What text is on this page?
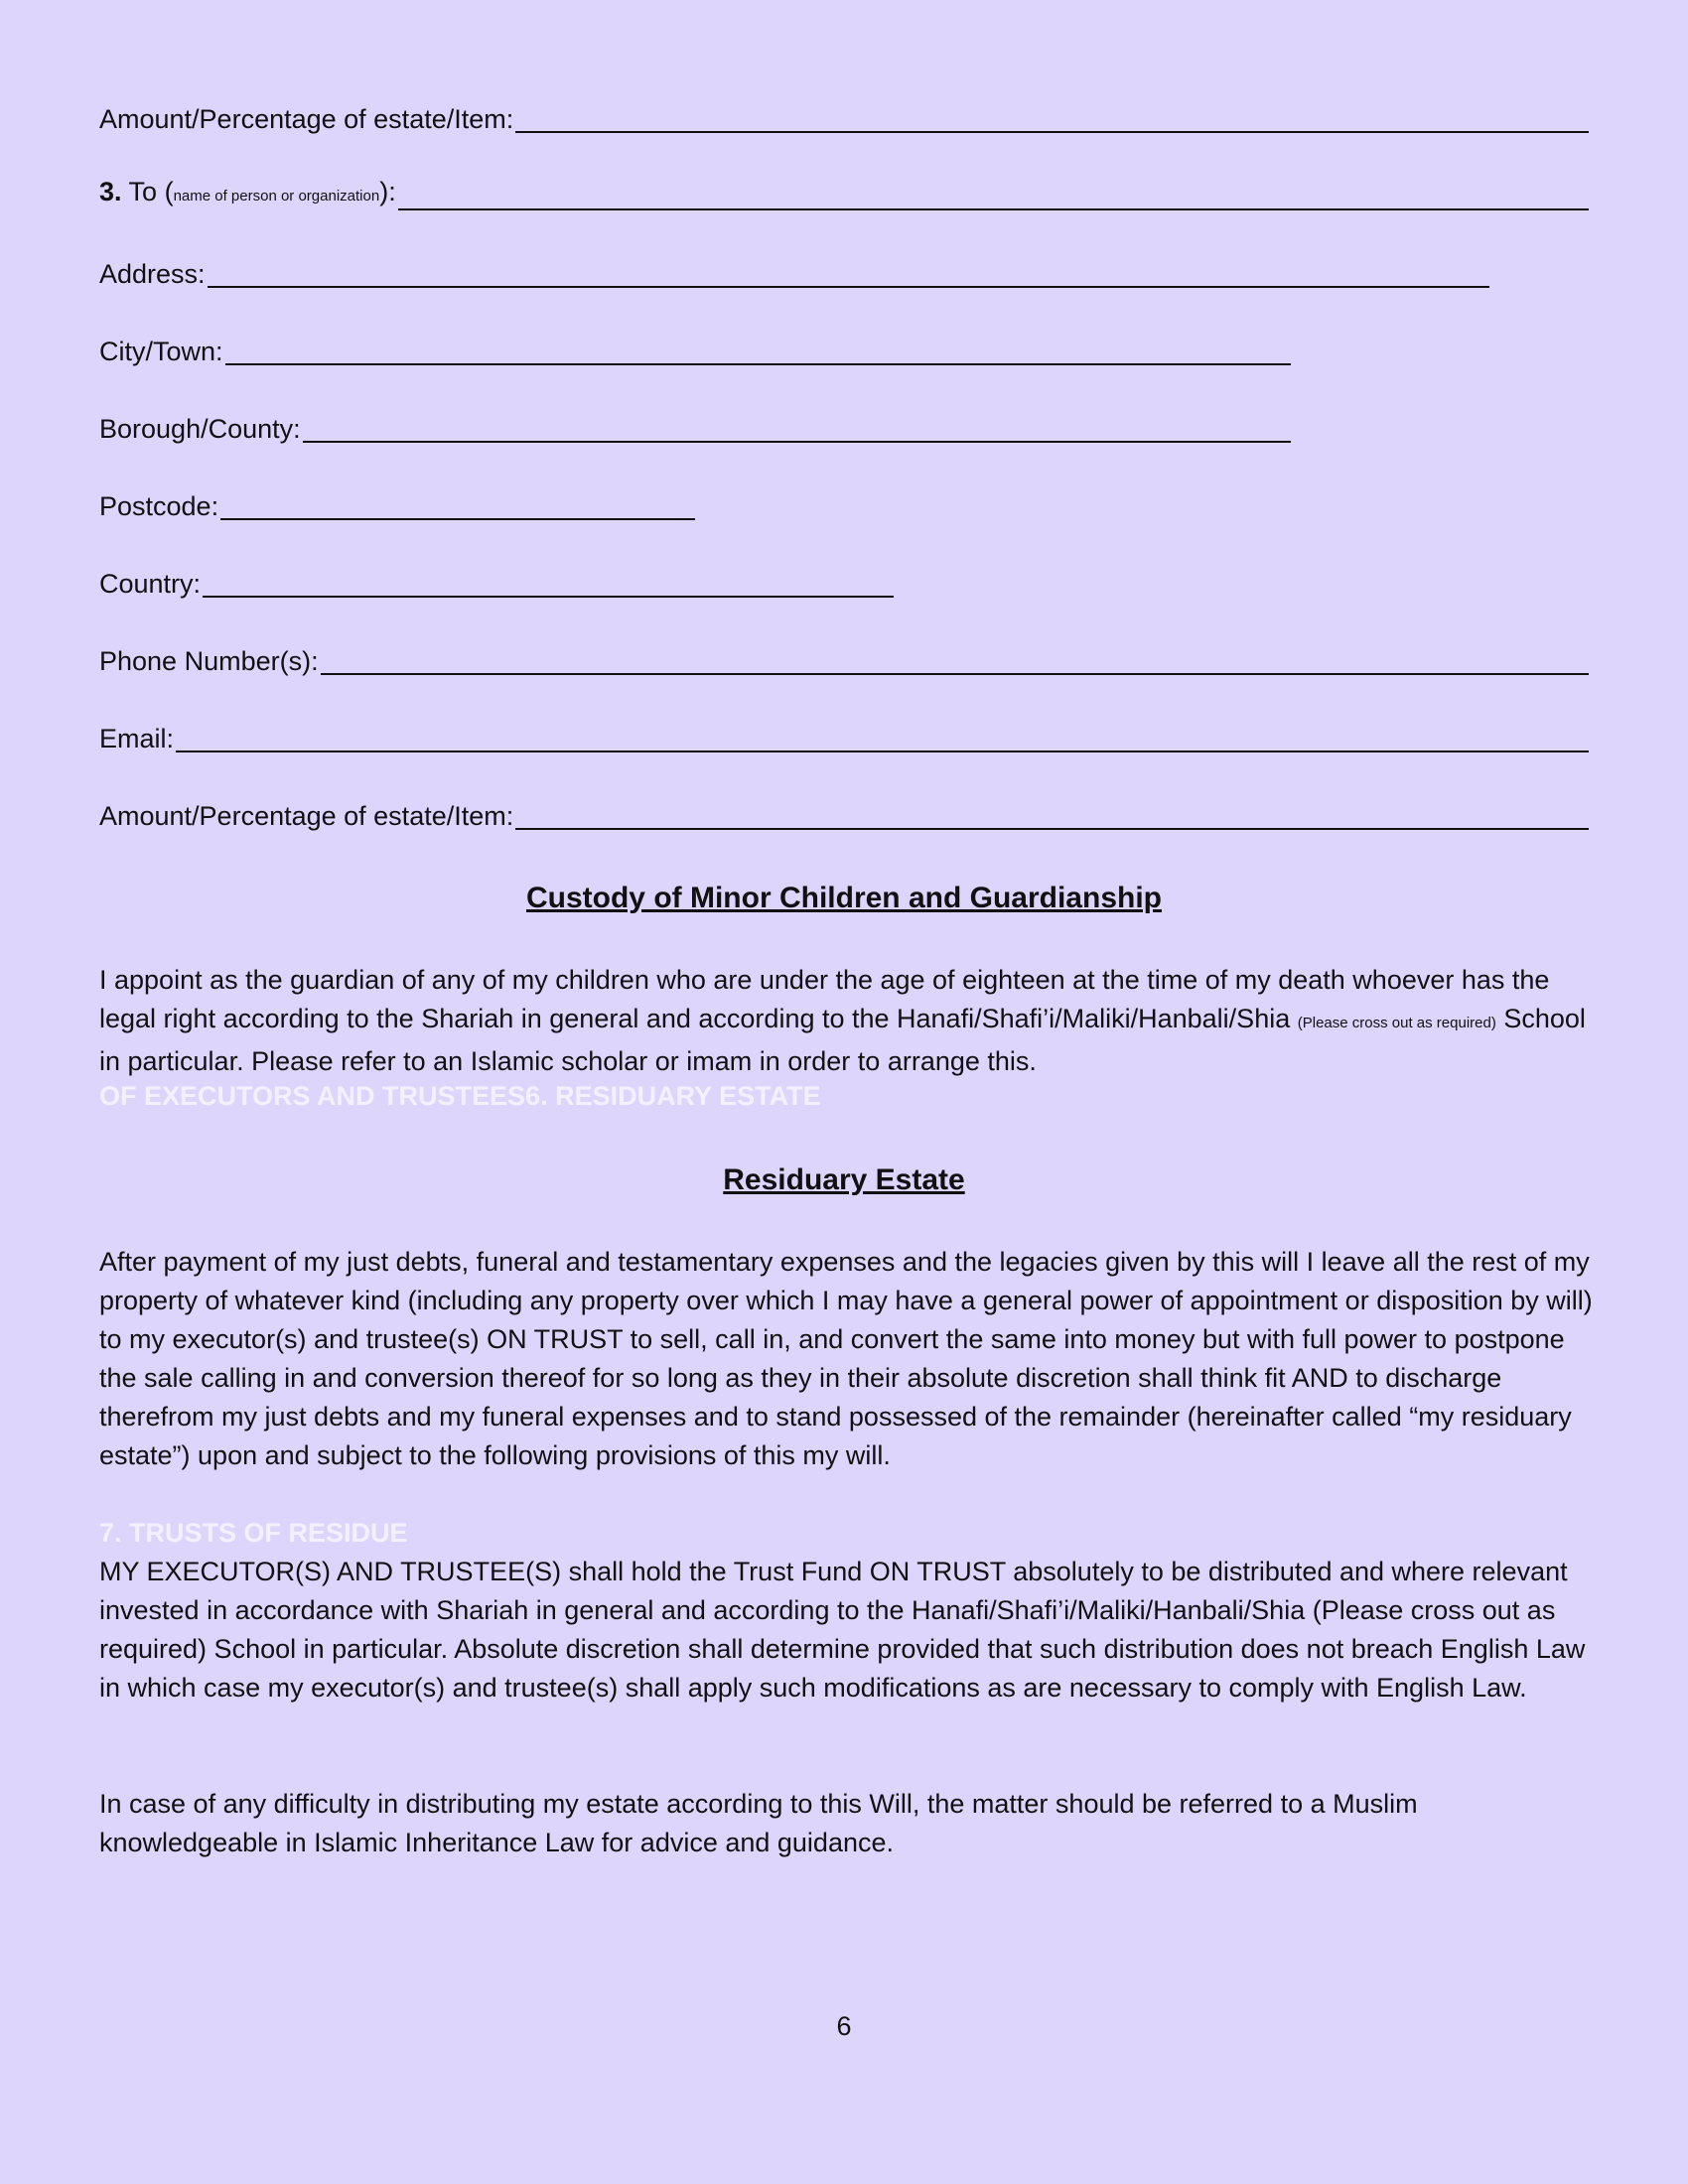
Amount/Percentage of estate/Item:
3. To (name of person or organization):
Address:
City/Town:
Borough/County:
Postcode:
Country:
Phone Number(s):
Email:
Amount/Percentage of estate/Item:
Custody of Minor Children and Guardianship
I appoint as the guardian of any of my children who are under the age of eighteen at the time of my death whoever has the legal right according to the Shariah in general and according to the Hanafi/Shafi’i/Maliki/Hanbali/Shia (Please cross out as required) School in particular. Please refer to an Islamic scholar or imam in order to arrange this.
OF EXECUTORS AND TRUSTEES6. RESIDUARY ESTATE
Residuary Estate
After payment of my just debts, funeral and testamentary expenses and the legacies given by this will I leave all the rest of my property of whatever kind (including any property over which I may have a general power of appointment or disposition by will) to my executor(s) and trustee(s) ON TRUST to sell, call in, and convert the same into money but with full power to postpone the sale calling in and conversion thereof for so long as they in their absolute discretion shall think fit AND to discharge therefrom my just debts and my funeral expenses and to stand possessed of the remainder (hereinafter called “my residuary estate”) upon and subject to the following provisions of this my will.
7. TRUSTS OF RESIDUE
MY EXECUTOR(S) AND TRUSTEE(S) shall hold the Trust Fund ON TRUST absolutely to be distributed and where relevant invested in accordance with Shariah in general and according to the Hanafi/Shafi’i/Maliki/Hanbali/Shia (Please cross out as required) School in particular. Absolute discretion shall determine provided that such distribution does not breach English Law in which case my executor(s) and trustee(s) shall apply such modifications as are necessary to comply with English Law.
In case of any difficulty in distributing my estate according to this Will, the matter should be referred to a Muslim knowledgeable in Islamic Inheritance Law for advice and guidance.
6
